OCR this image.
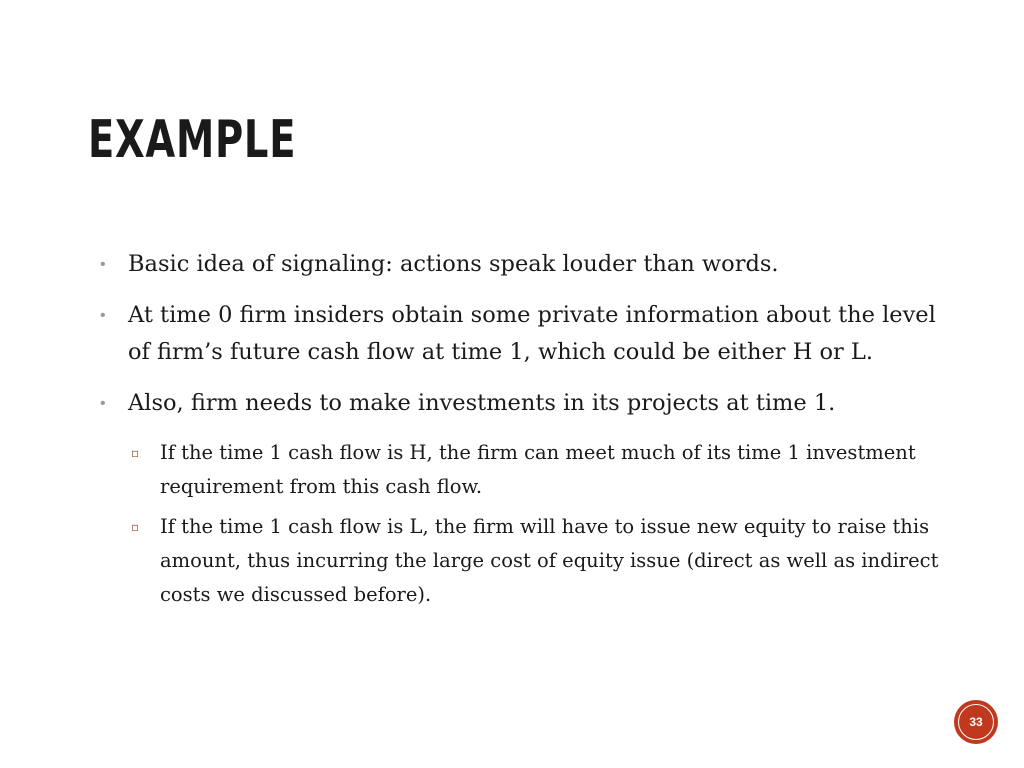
EXAMPLE
• Basic idea of signaling: actions speak louder than words.
• At time 0 firm insiders obtain some private information about the level of firm’s future cash flow at time 1, which could be either H or L.
• Also, firm needs to make investments in its projects at time 1.
▫ If the time 1 cash flow is H, the firm can meet much of its time 1 investment requirement from this cash flow.
▫ If the time 1 cash flow is L, the firm will have to issue new equity to raise this amount, thus incurring the large cost of equity issue (direct as well as indirect costs we discussed before).
33
